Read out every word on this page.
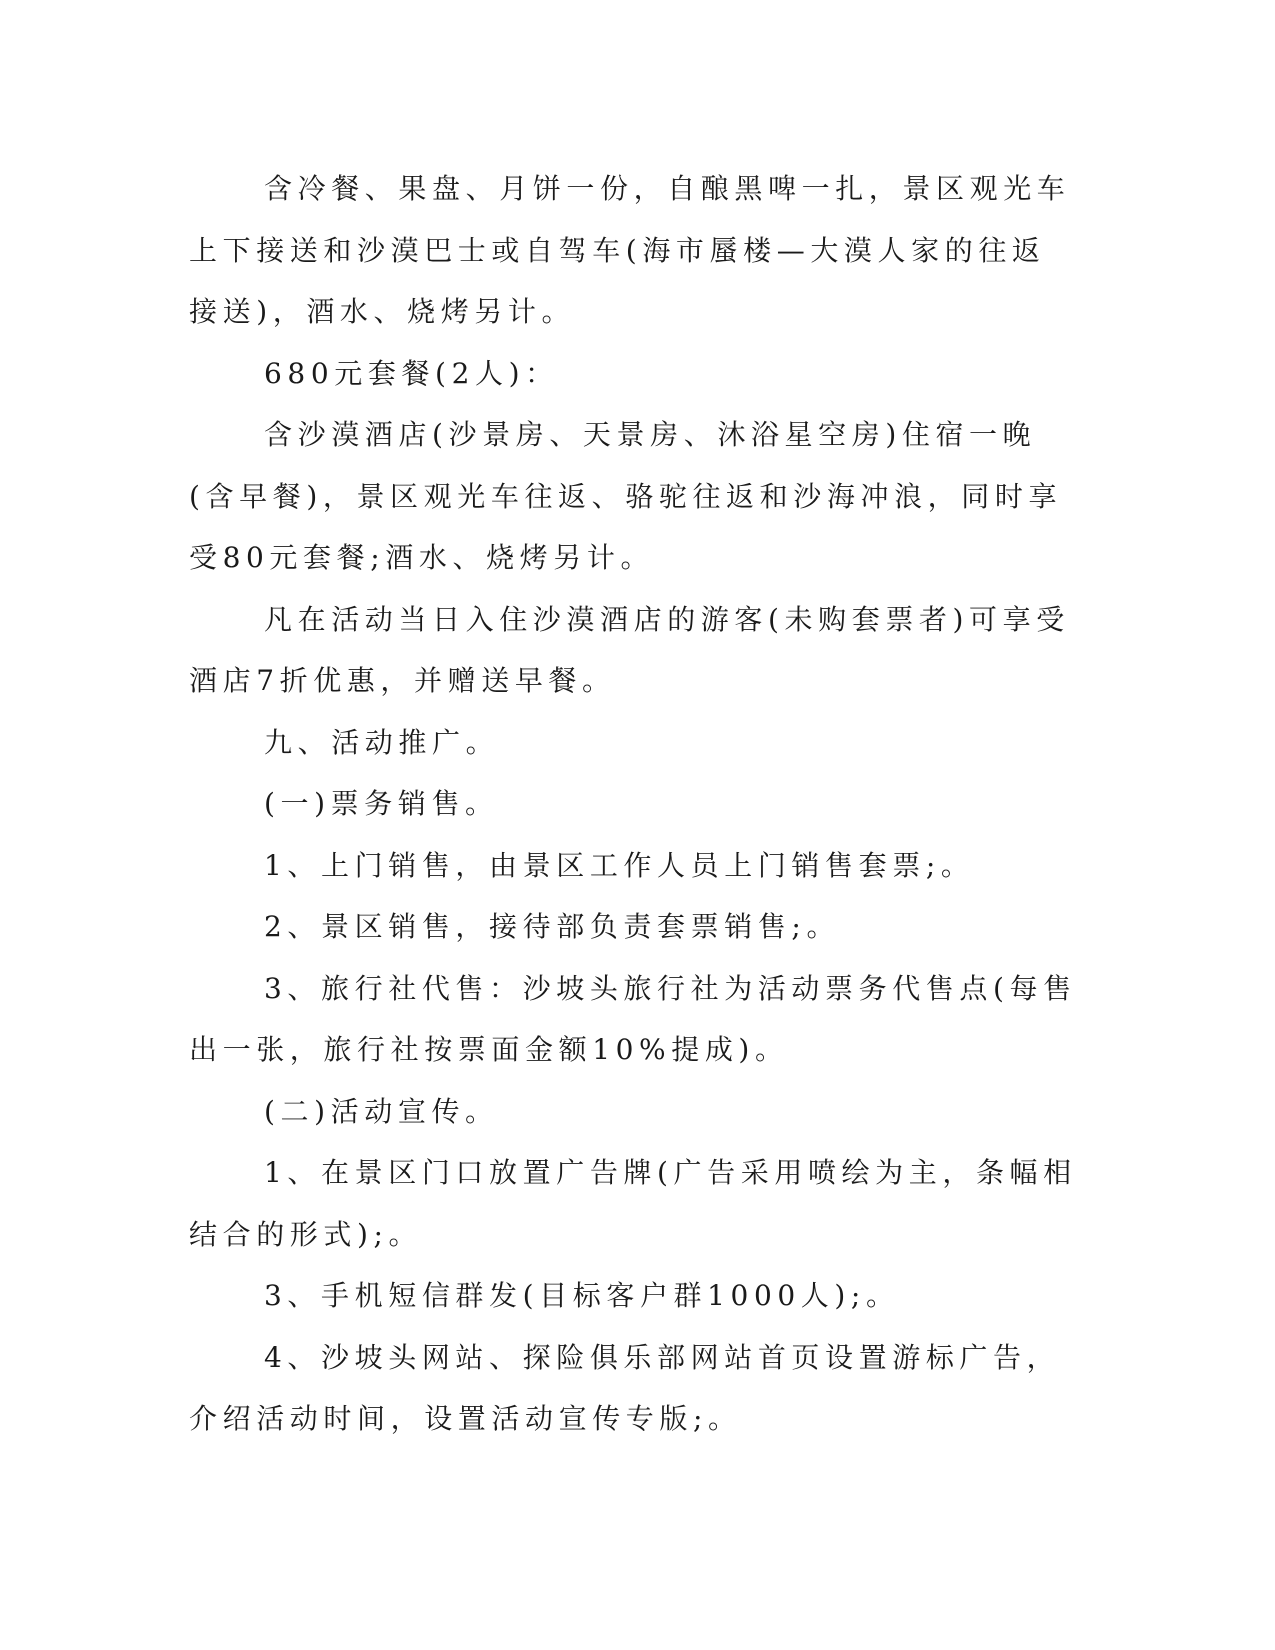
含冷餐、果盘、月饼一份，自酿黑啤一扎，景区观光车上下接送和沙漠巴士或自驾车(海市蜃楼—大漠人家的往返接送)，酒水、烧烤另计。

680元套餐(2人)：

含沙漠酒店(沙景房、天景房、沐浴星空房)住宿一晚(含早餐)，景区观光车往返、骆驼往返和沙海冲浪，同时享受80元套餐;酒水、烧烤另计。

凡在活动当日入住沙漠酒店的游客(未购套票者)可享受酒店7折优惠，并赠送早餐。

九、活动推广。

(一)票务销售。

1、上门销售，由景区工作人员上门销售套票;。

2、景区销售，接待部负责套票销售;。

3、旅行社代售：沙坡头旅行社为活动票务代售点(每售出一张，旅行社按票面金额10%提成)。

(二)活动宣传。

1、在景区门口放置广告牌(广告采用喷绘为主，条幅相结合的形式);。

3、手机短信群发(目标客户群1000人);。

4、沙坡头网站、探险俱乐部网站首页设置游标广告，介绍活动时间，设置活动宣传专版;。
